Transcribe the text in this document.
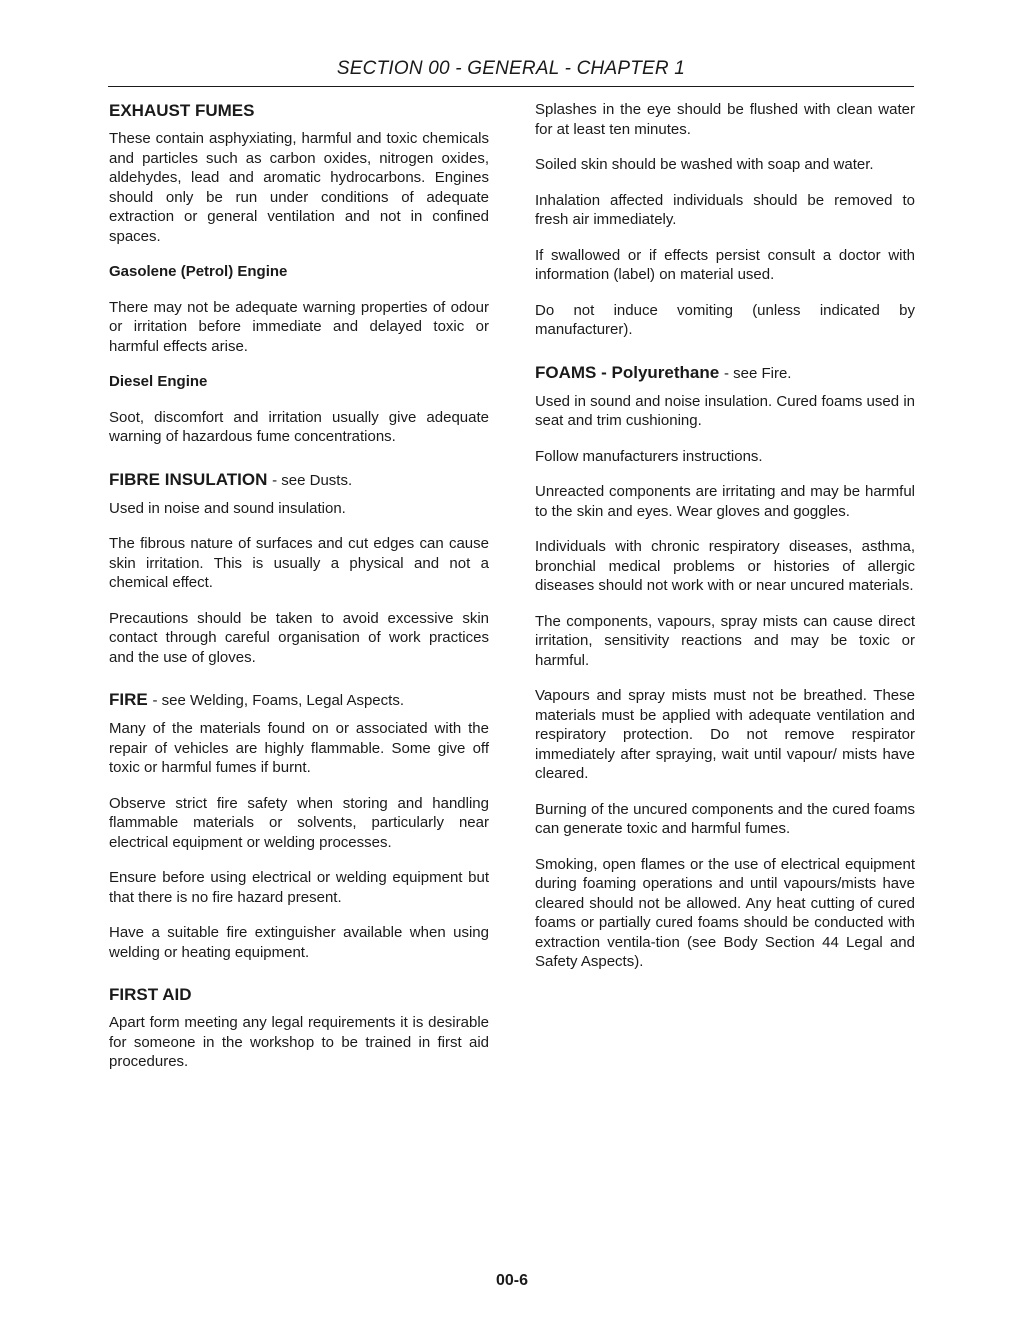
SECTION 00 - GENERAL - CHAPTER 1
EXHAUST FUMES

These contain asphyxiating, harmful and toxic chemicals and particles such as carbon oxides, nitrogen oxides, aldehydes, lead and aromatic hydrocarbons. Engines should only be run under conditions of adequate extraction or general ventilation and not in confined spaces.

Gasolene (Petrol) Engine

There may not be adequate warning properties of odour or irritation before immediate and delayed toxic or harmful effects arise.

Diesel Engine

Soot, discomfort and irritation usually give adequate warning of hazardous fume concentrations.

FIBRE INSULATION - see Dusts.

Used in noise and sound insulation.

The fibrous nature of surfaces and cut edges can cause skin irritation. This is usually a physical and not a chemical effect.

Precautions should be taken to avoid excessive skin contact through careful organisation of work practices and the use of gloves.

FIRE - see Welding, Foams, Legal Aspects.

Many of the materials found on or associated with the repair of vehicles are highly flammable. Some give off toxic or harmful fumes if burnt.

Observe strict fire safety when storing and handling flammable materials or solvents, particularly near electrical equipment or welding processes.

Ensure before using electrical or welding equipment but that there is no fire hazard present.

Have a suitable fire extinguisher available when using welding or heating equipment.

FIRST AID

Apart form meeting any legal requirements it is desirable for someone in the workshop to be trained in first aid procedures.

Splashes in the eye should be flushed with clean water for at least ten minutes.

Soiled skin should be washed with soap and water.

Inhalation affected individuals should be removed to fresh air immediately.

If swallowed or if effects persist consult a doctor with information (label) on material used.

Do not induce vomiting (unless indicated by manufacturer).

FOAMS - Polyurethane - see Fire.

Used in sound and noise insulation. Cured foams used in seat and trim cushioning.

Follow manufacturers instructions.

Unreacted components are irritating and may be harmful to the skin and eyes. Wear gloves and goggles.

Individuals with chronic respiratory diseases, asthma, bronchial medical problems or histories of allergic diseases should not work with or near uncured materials.

The components, vapours, spray mists can cause direct irritation, sensitivity reactions and may be toxic or harmful.

Vapours and spray mists must not be breathed. These materials must be applied with adequate ventilation and respiratory protection. Do not remove respirator immediately after spraying, wait until vapour/ mists have cleared.

Burning of the uncured components and the cured foams can generate toxic and harmful fumes.

Smoking, open flames or the use of electrical equipment during foaming operations and until vapours/mists have cleared should not be allowed. Any heat cutting of cured foams or partially cured foams should be conducted with extraction ventila-tion (see Body Section 44 Legal and Safety Aspects).

00-6
